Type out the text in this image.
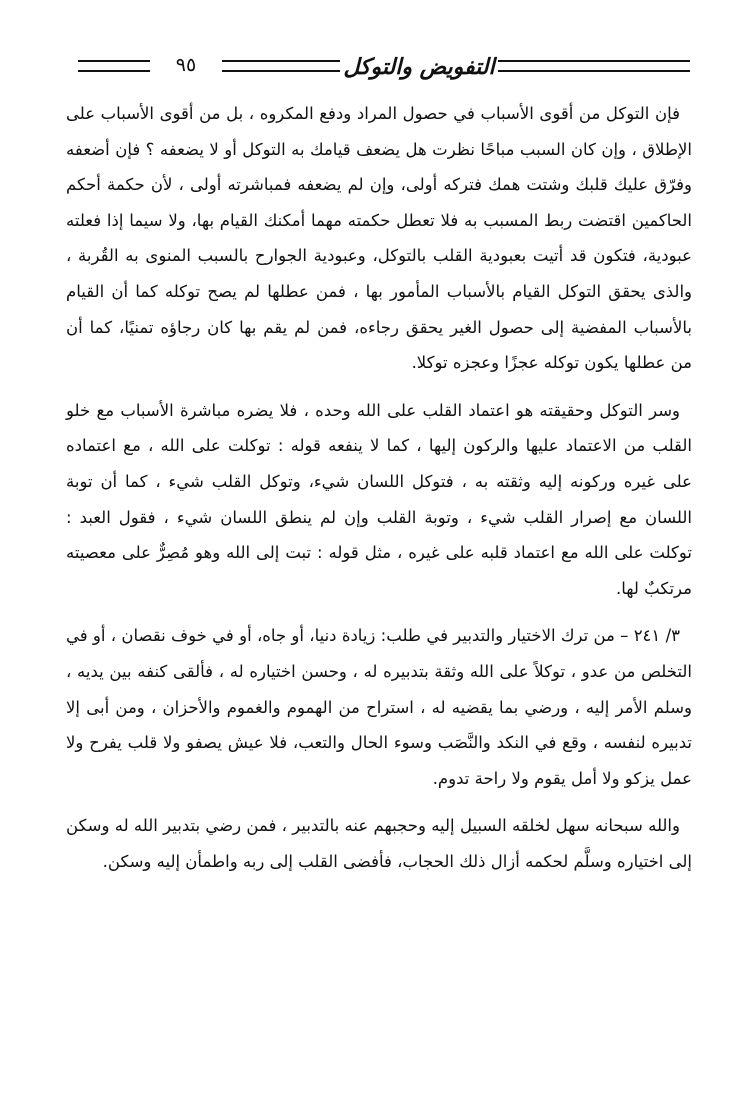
التفويض والتوكل
٩٥

فإن التوكل من أقوى الأسباب في حصول المراد ودفع المكروه ، بل من أقوى الأسباب على الإطلاق ، وإن كان السبب مباحًا نظرت هل يضعف قيامك به التوكل أو لا يضعفه ؟ فإن أضعفه وفرّق عليك قلبك وشتت همك فتركه أولى، وإن لم يضعفه فمباشرته أولى ، لأن حكمة أحكم الحاكمين اقتضت ربط المسبب به فلا تعطل حكمته مهما أمكنك القيام بها، ولا سيما إذا فعلته عبودية، فتكون قد أتيت بعبودية القلب بالتوكل، وعبودية الجوارح بالسبب المنوى به القُربة ، والذى يحقق التوكل القيام بالأسباب المأمور بها ، فمن عطلها لم يصح توكله كما أن القيام بالأسباب المفضية إلى حصول الغير يحقق رجاءه، فمن لم يقم بها كان رجاؤه تمنيًا، كما أن من عطلها يكون توكله عجزًا وعجزه توكلا.

وسر التوكل وحقيقته هو اعتماد القلب على الله وحده ، فلا يضره مباشرة الأسباب مع خلو القلب من الاعتماد عليها والركون إليها ، كما لا ينفعه قوله : توكلت على الله ، مع اعتماده على غيره وركونه إليه وثقته به ، فتوكل اللسان شيء، وتوكل القلب شيء ، كما أن توبة اللسان مع إصرار القلب شيء ، وتوبة القلب وإن لم ينطق اللسان شيء ، فقول العبد : توكلت على الله مع اعتماد قلبه على غيره ، مثل قوله : تبت إلى الله وهو مُصِرٌّ على معصيته مرتكبٌ لها.

٣/ ٢٤١ – من ترك الاختيار والتدبير في طلب: زيادة دنيا، أو جاه، أو في خوف نقصان ، أو في التخلص من عدو ، توكلاً على الله وثقة بتدبيره له ، وحسن اختياره له ، فألقى كنفه بين يديه ، وسلم الأمر إليه ، ورضي بما يقضيه له ، استراح من الهموم والغموم والأحزان ، ومن أبى إلا تدبيره لنفسه ، وقع في النكد والنَّصَب وسوء الحال والتعب، فلا عيش يصفو ولا قلب يفرح ولا عمل يزكو ولا أمل يقوم ولا راحة تدوم.

والله سبحانه سهل لخلقه السبيل إليه وحجبهم عنه بالتدبير ، فمن رضي بتدبير الله له وسكن إلى اختياره وسلَّم لحكمه أزال ذلك الحجاب، فأفضى القلب إلى ربه واطمأن إليه وسكن.
